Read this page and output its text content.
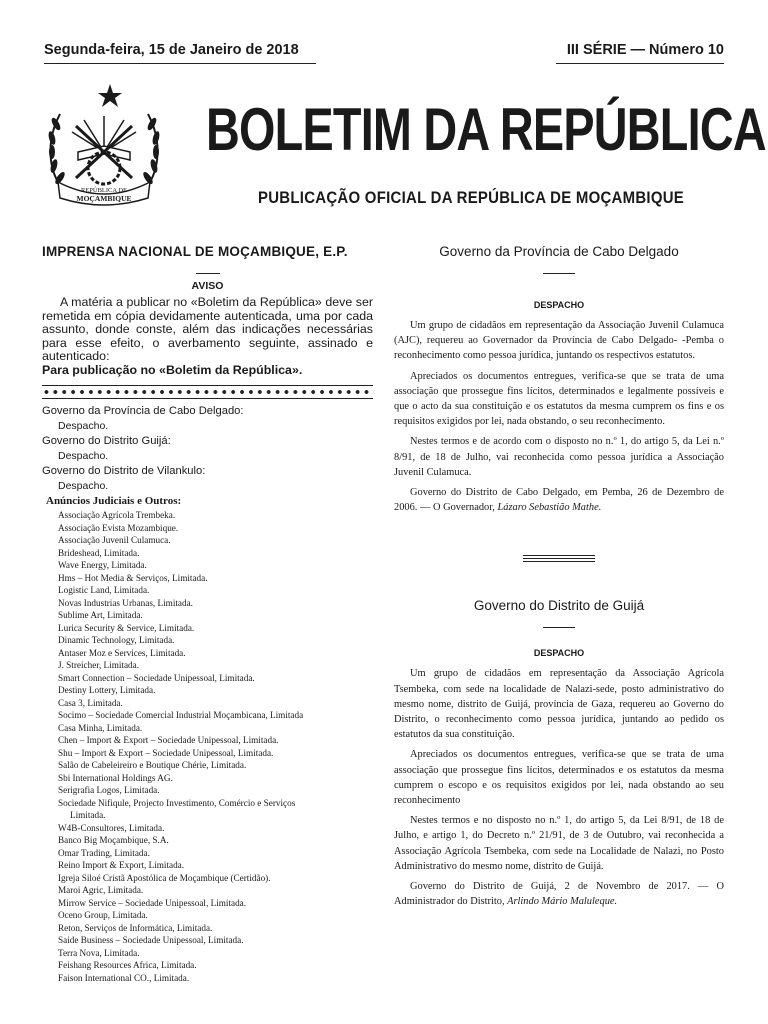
Segunda-feira, 15 de Janeiro de 2018	III SÉRIE — Número 10
REPÚBLICA DE
MOÇAMBIQUE
BOLETIM DA REPÚBLICA
PUBLICAÇÃO OFICIAL DA REPÚBLICA DE MOÇAMBIQUE
IMPRENSA NACIONAL DE MOÇAMBIQUE, E.P.
AVISO
A matéria a publicar no «Boletim da República» deve ser remetida em cópia devidamente autenticada, uma por cada assunto, donde conste, além das indicações necessárias para esse efeito, o averbamento seguinte, assinado e autenticado:
Para publicação no «Boletim da República».
Governo da Província de Cabo Delgado:
Despacho.
Governo do Distrito Guijá:
Despacho.
Governo do Distrito de Vilankulo:
Despacho.
Anúncios Judiciais e Outros:
Associação Agrícola Trembeka.
Associação Evista Mozambique.
Associação Juvenil Culamuca.
Brideshead, Limitada.
Wave Energy, Limitada.
Hms – Hot Media & Serviços, Limitada.
Logistic Land, Limitada.
Novas Industrias Urbanas, Limitada.
Sublime Art, Limitada.
Lurica Security & Service, Limitada.
Dinamic Technology, Limitada.
Antaser Moz e Services, Limitada.
J. Streicher, Limitada.
Smart Connection – Sociedade Unipessoal, Limitada.
Destiny Lottery, Limitada.
Casa 3, Limitada.
Socimo – Sociedade Comercial Industrial Moçambicana, Limitada
Casa Minha, Limitada.
Chen – Import & Export – Sociedade Unipessoal, Limitada.
Shu – Import & Export – Sociedade Unipessoal, Limitada.
Salão de Cabeleireiro e Boutique Chérie, Limitada.
Sbi International Holdings AG.
Serigrafia Logos, Limitada.
Sociedade Nifiqule, Projecto Investimento, Comércio e Serviços
Limitada.
W4B-Consultores, Limitada.
Banco Big Moçambique, S.A.
Omar Trading, Limitada.
Reino Import & Export, Limitada.
Igreja Siloé Cristã Apostólica de Moçambique (Certidão).
Maroi Agric, Limitada.
Mirrow Service – Sociedade Unipessoal, Limitada.
Oceno Group, Limitada.
Reton, Serviços de Informática, Limitada.
Saide Business – Sociedade Unipessoal, Limitada.
Terra Nova, Limitada.
Feishang Resources Africa, Limitada.
Faison International CO., Limitada.
Governo da Província de Cabo Delgado
DESPACHO

Um grupo de cidadãos em representação da Associação Juvenil Culamuca (AJC), requereu ao Governador da Província de Cabo Delgado- -Pemba o reconhecimento como pessoa jurídica, juntando os respectivos estatutos.

Apreciados os documentos entregues, verifica-se que se trata de uma associação que prossegue fins lícitos, determinados e legalmente possíveis e que o acto da sua constituição e os estatutos da mesma cumprem os fins e os requisitos exigidos por lei, nada obstando, o seu reconhecimento.

Nestes termos e de acordo com o disposto no n.º 1, do artigo 5, da Lei n.º 8/91, de 18 de Julho, vai reconhecida como pessoa jurídica a Associação Juvenil Culamuca.

Governo do Distrito de Cabo Delgado, em Pemba, 26 de Dezembro de 2006. — O Governador, Lázaro Sebastião Mathe.

Governo do Distrito de Guijá
DESPACHO

Um grupo de cidadãos em representação da Associação Agrícola Tsembeka, com sede na localidade de Nalazi-sede, posto administrativo do mesmo nome, distrito de Guijá, província de Gaza, requereu ao Governo do Distrito, o reconhecimento como pessoa jurídica, juntando ao pedido os estatutos da sua constituição.

Apreciados os documentos entregues, verifica-se que se trata de uma associação que prossegue fins lícitos, determinados e os estatutos da mesma cumprem o escopo e os requisitos exigidos por lei, nada obstando ao seu reconhecimento

Nestes termos e no disposto no n.º 1, do artigo 5, da Lei 8/91, de 18 de Julho, e artigo 1, do Decreto n.º 21/91, de 3 de Outubro, vai reconhecida a Associação Agrícola Tsembeka, com sede na Localidade de Nalazi, no Posto Administrativo do mesmo nome, distrito de Guijá.

Governo do Distrito de Guijá, 2 de Novembro de 2017. — O Administrador do Distrito, Arlindo Mário Maluleque.
